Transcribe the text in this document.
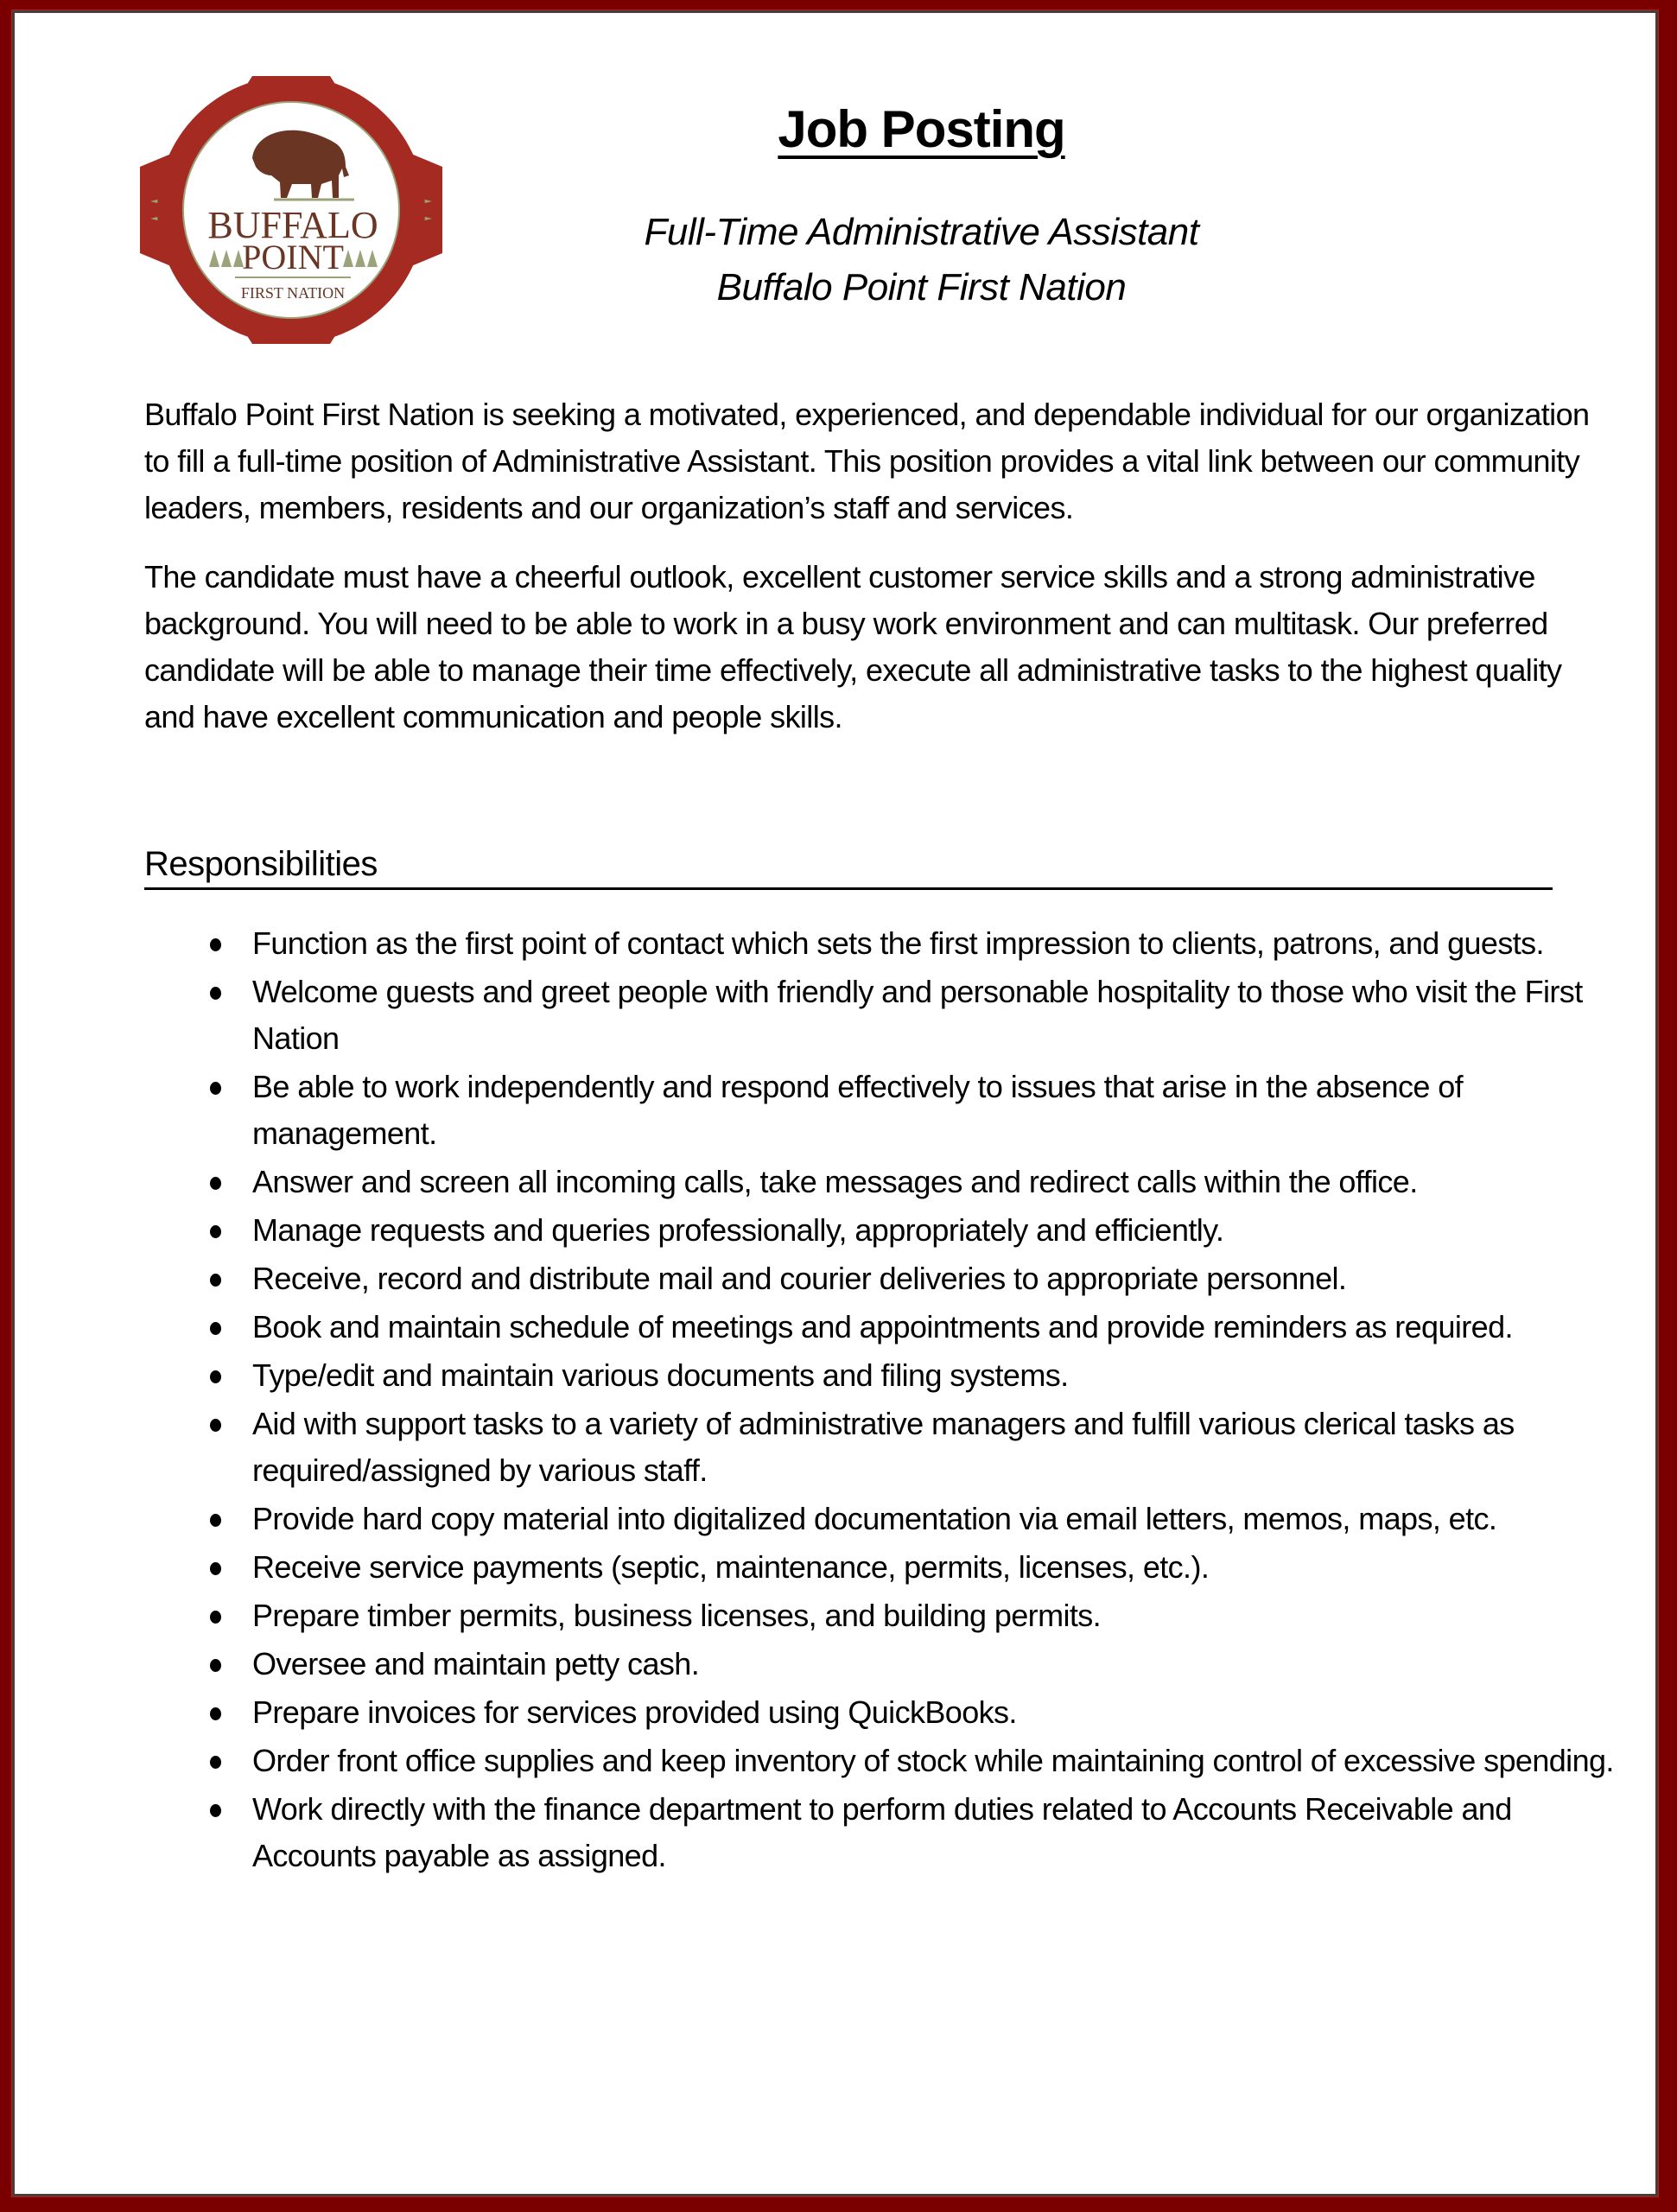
BUFFALO
POINT
FIRST NATION
Job Posting
Full-Time Administrative Assistant
Buffalo Point First Nation

Buffalo Point First Nation is seeking a motivated, experienced, and dependable individual for our organization to fill a full-time position of Administrative Assistant. This position provides a vital link between our community leaders, members, residents and our organization’s staff and services.

The candidate must have a cheerful outlook, excellent customer service skills and a strong administrative background. You will need to be able to work in a busy work environment and can multitask. Our preferred candidate will be able to manage their time effectively, execute all administrative tasks to the highest quality and have excellent communication and people skills.

Responsibilities
Function as the first point of contact which sets the first impression to clients, patrons, and guests.
Welcome guests and greet people with friendly and personable hospitality to those who visit the First Nation
Be able to work independently and respond effectively to issues that arise in the absence of management.
Answer and screen all incoming calls, take messages and redirect calls within the office.
Manage requests and queries professionally, appropriately and efficiently.
Receive, record and distribute mail and courier deliveries to appropriate personnel.
Book and maintain schedule of meetings and appointments and provide reminders as required.
Type/edit and maintain various documents and filing systems.
Aid with support tasks to a variety of administrative managers and fulfill various clerical tasks as required/assigned by various staff.
Provide hard copy material into digitalized documentation via email letters, memos, maps, etc.
Receive service payments (septic, maintenance, permits, licenses, etc.).
Prepare timber permits, business licenses, and building permits.
Oversee and maintain petty cash.
Prepare invoices for services provided using QuickBooks.
Order front office supplies and keep inventory of stock while maintaining control of excessive spending.
Work directly with the finance department to perform duties related to Accounts Receivable and Accounts payable as assigned.
